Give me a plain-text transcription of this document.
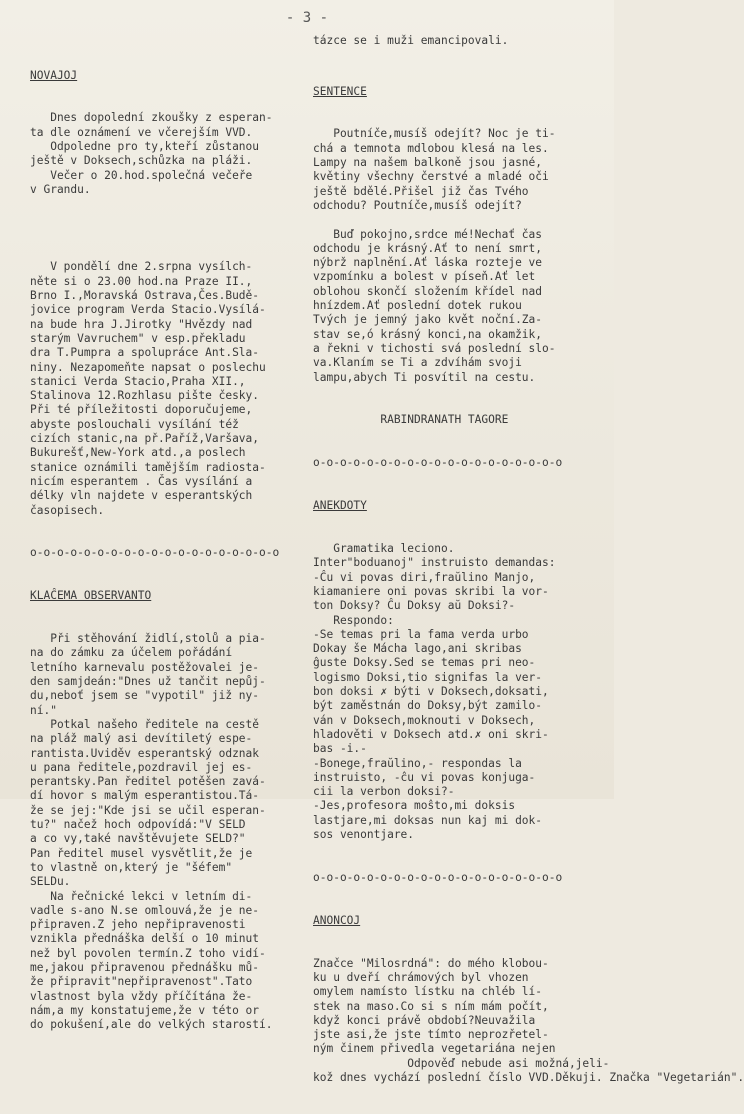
- 3 -
tázce se i muži emancipovali.

NOVAJOJ

Dnes dopolední zkoušky z esperan-
ta dle oznámení ve včerejším VVD.
Odpoledne pro ty,kteří zůstanou
ještě v Doksech,schůzka na pláži.
Večer o 20.hod.společná večeře
v Grandu.

V pondělí dne 2.srpna vysílch-
něte si o 23.00 hod.na Praze II.,
Brno I.,Moravská Ostrava,Čes.Budě-
jovice program Verda Stacio.Vysílá-
na bude hra J.Jirotky "Hvězdy nad
starým Vavruchem" v esp.překladu
dra T.Pumpra a spolupráce Ant.Sla-
niny. Nezapomeňte napsat o poslechu
stanici Verda Stacio,Praha XII.,
Stalinova 12.Rozhlasu pište česky.
Při té příležitosti doporučujeme,
abyste poslouchali vysílání též
cizích stanic,na př.Paříž,Varšava,
Bukurešť,New-York atd.,a poslech
stanice oznámili tamějším radiosta-
nicím esperantem . Čas vysílání a
délky vln najdete v esperantských
časopisech.

o-o-o-o-o-o-o-o-o-o-o-o-o-o-o-o-o-o-o

KLAĈEMA OBSERVANTO

Při stěhování židlí,stolů a pia-
na do zámku za účelem pořádání
letního karnevalu postěžovalei je-
den samjdeán:"Dnes už tančit nepůj-
du,neboť jsem se "vypotil" již ny-
ní."
Potkal našeho ředitele na cestě
na pláž malý asi devítiletý espe-
rantista.Uviděv esperantský odznak
u pana ředitele,pozdravil jej es-
perantsky.Pan ředitel potěšen zavá-
dí hovor s malým esperantistou.Tá-
že se jej:"Kde jsi se učil esperan-
tu?" načež hoch odpovídá:"V SELD
a co vy,také navštěvujete SELD?"
Pan ředitel musel vysvětlit,že je
to vlastně on,který je "šéfem"
SELDu.
Na řečnické lekci v letním di-
vadle s-ano N.se omlouvá,že je ne-
připraven.Z jeho nepřipravenosti
vznikla přednáška delší o 10 minut
než byl povolen termín.Z toho vidí-
me,jakou připravenou přednášku mů-
že připravit"nepřipravenost".Tato
vlastnost byla vždy příčítána že-
nám,a my konstatujeme,že v této or
do pokušení,ale do velkých starostí.

SENTENCE

Poutníče,musíš odejít? Noc je ti-
chá a temnota mdlobou klesá na les.
Lampy na našem balkoně jsou jasné,
květiny všechny čerstvé a mladé oči
ještě bdělé.Přišel již čas Tvého
odchodu? Poutníče,musíš odejít?

Buď pokojno,srdce mé!Nechať čas
odchodu je krásný.Ať to není smrt,
nýbrž naplnění.Ať láska rozteje ve
vzpomínku a bolest v píseň.Ať let
oblohou skončí složením křídel nad
hnízdem.Ať poslední dotek rukou
Tvých je jemný jako květ noční.Za-
stav se,ó krásný konci,na okamžik,
a řekni v tichosti svá poslední slo-
va.Klaním se Ti a zdvíhám svoji
lampu,abych Ti posvítil na cestu.

RABINDRANATH TAGORE

o-o-o-o-o-o-o-o-o-o-o-o-o-o-o-o-o-o-o

ANEKDOTY

Gramatika leciono.
Inter"boduanoj" instruisto demandas:
-Ĉu vi povas diri,fraŭlino Manjo,
kiamaniere oni povas skribi la vor-
ton Doksy? Ĉu Doksy aŭ Doksi?-
Respondo:
-Se temas pri la fama verda urbo
Dokay še Mácha lago,ani skribas
ĝuste Doksy.Sed se temas pri neo-
logismo Doksi,tio signifas la ver-
bon doksi ✗ býti v Doksech,doksati,
být zaměstnán do Doksy,být zamilo-
ván v Doksech,moknouti v Doksech,
hladověti v Doksech atd.✗ oni skri-
bas -i.-
-Bonege,fraŭlino,- respondas la
instruisto, -ĉu vi povas konjuga-
cii la verbon doksi?-
-Jes,profesora moŝto,mi doksis
lastjare,mi doksas nun kaj mi dok-
sos venontjare.

o-o-o-o-o-o-o-o-o-o-o-o-o-o-o-o-o-o-o

ANONCOJ

Značce "Milosrdná": do mého klobou-
ku u dveří chrámových byl vhozen
omylem namísto lístku na chléb lí-
stek na maso.Co si s ním mám počít,
když konci právě období?Neuvažila
jste asi,že jste tímto neprozřetel-
ným činem přivedla vegetariána nejen
Odpověď nebude asi možná,jeli-
kož dnes vychází poslední číslo VVD.Děkuji. Značka "Vegetarián".
